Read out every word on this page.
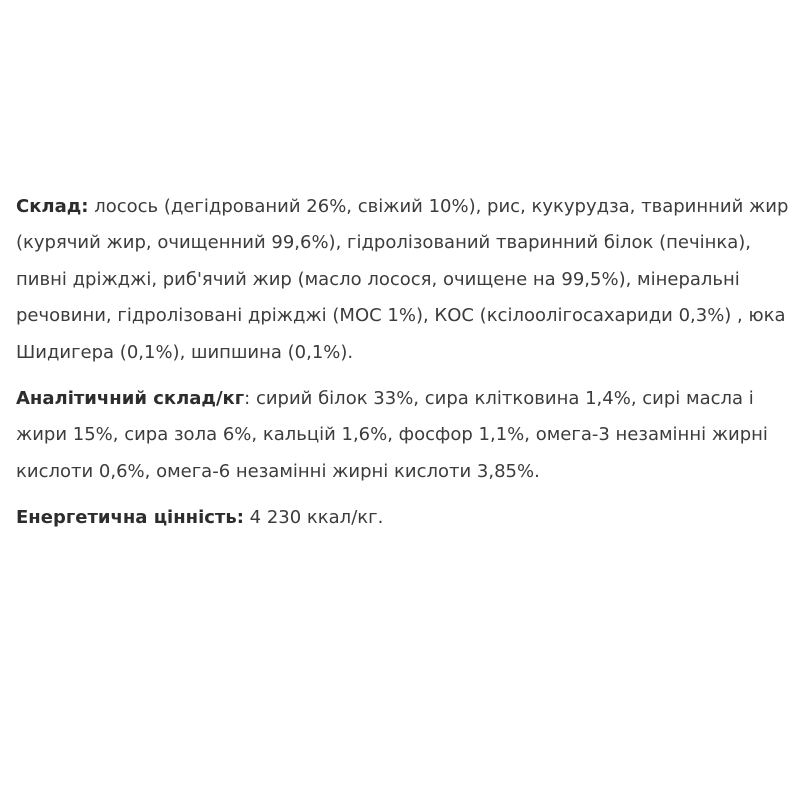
Склад: лосось (дегідрований 26%, свіжий 10%), рис, кукурудза, тваринний жир (курячий жир, очищенний 99,6%), гідролізований тваринний білок (печінка), пивні дріжджі, риб'ячий жир (масло лосося, очищене на 99,5%), мінеральні речовини, гідролізовані дріжджі (МОС 1%), КОС (ксілоолігосахариди 0,3%) , юка Шидигера (0,1%), шипшина (0,1%).

Аналітичний склад/кг: сирий білок 33%, сира клітковина 1,4%, сирі масла і жири 15%, сира зола 6%, кальцій 1,6%, фосфор 1,1%, омега-3 незамінні жирні кислоти 0,6%, омега-6 незамінні жирні кислоти 3,85%.

Енергетична цінність: 4 230 ккал/кг.
